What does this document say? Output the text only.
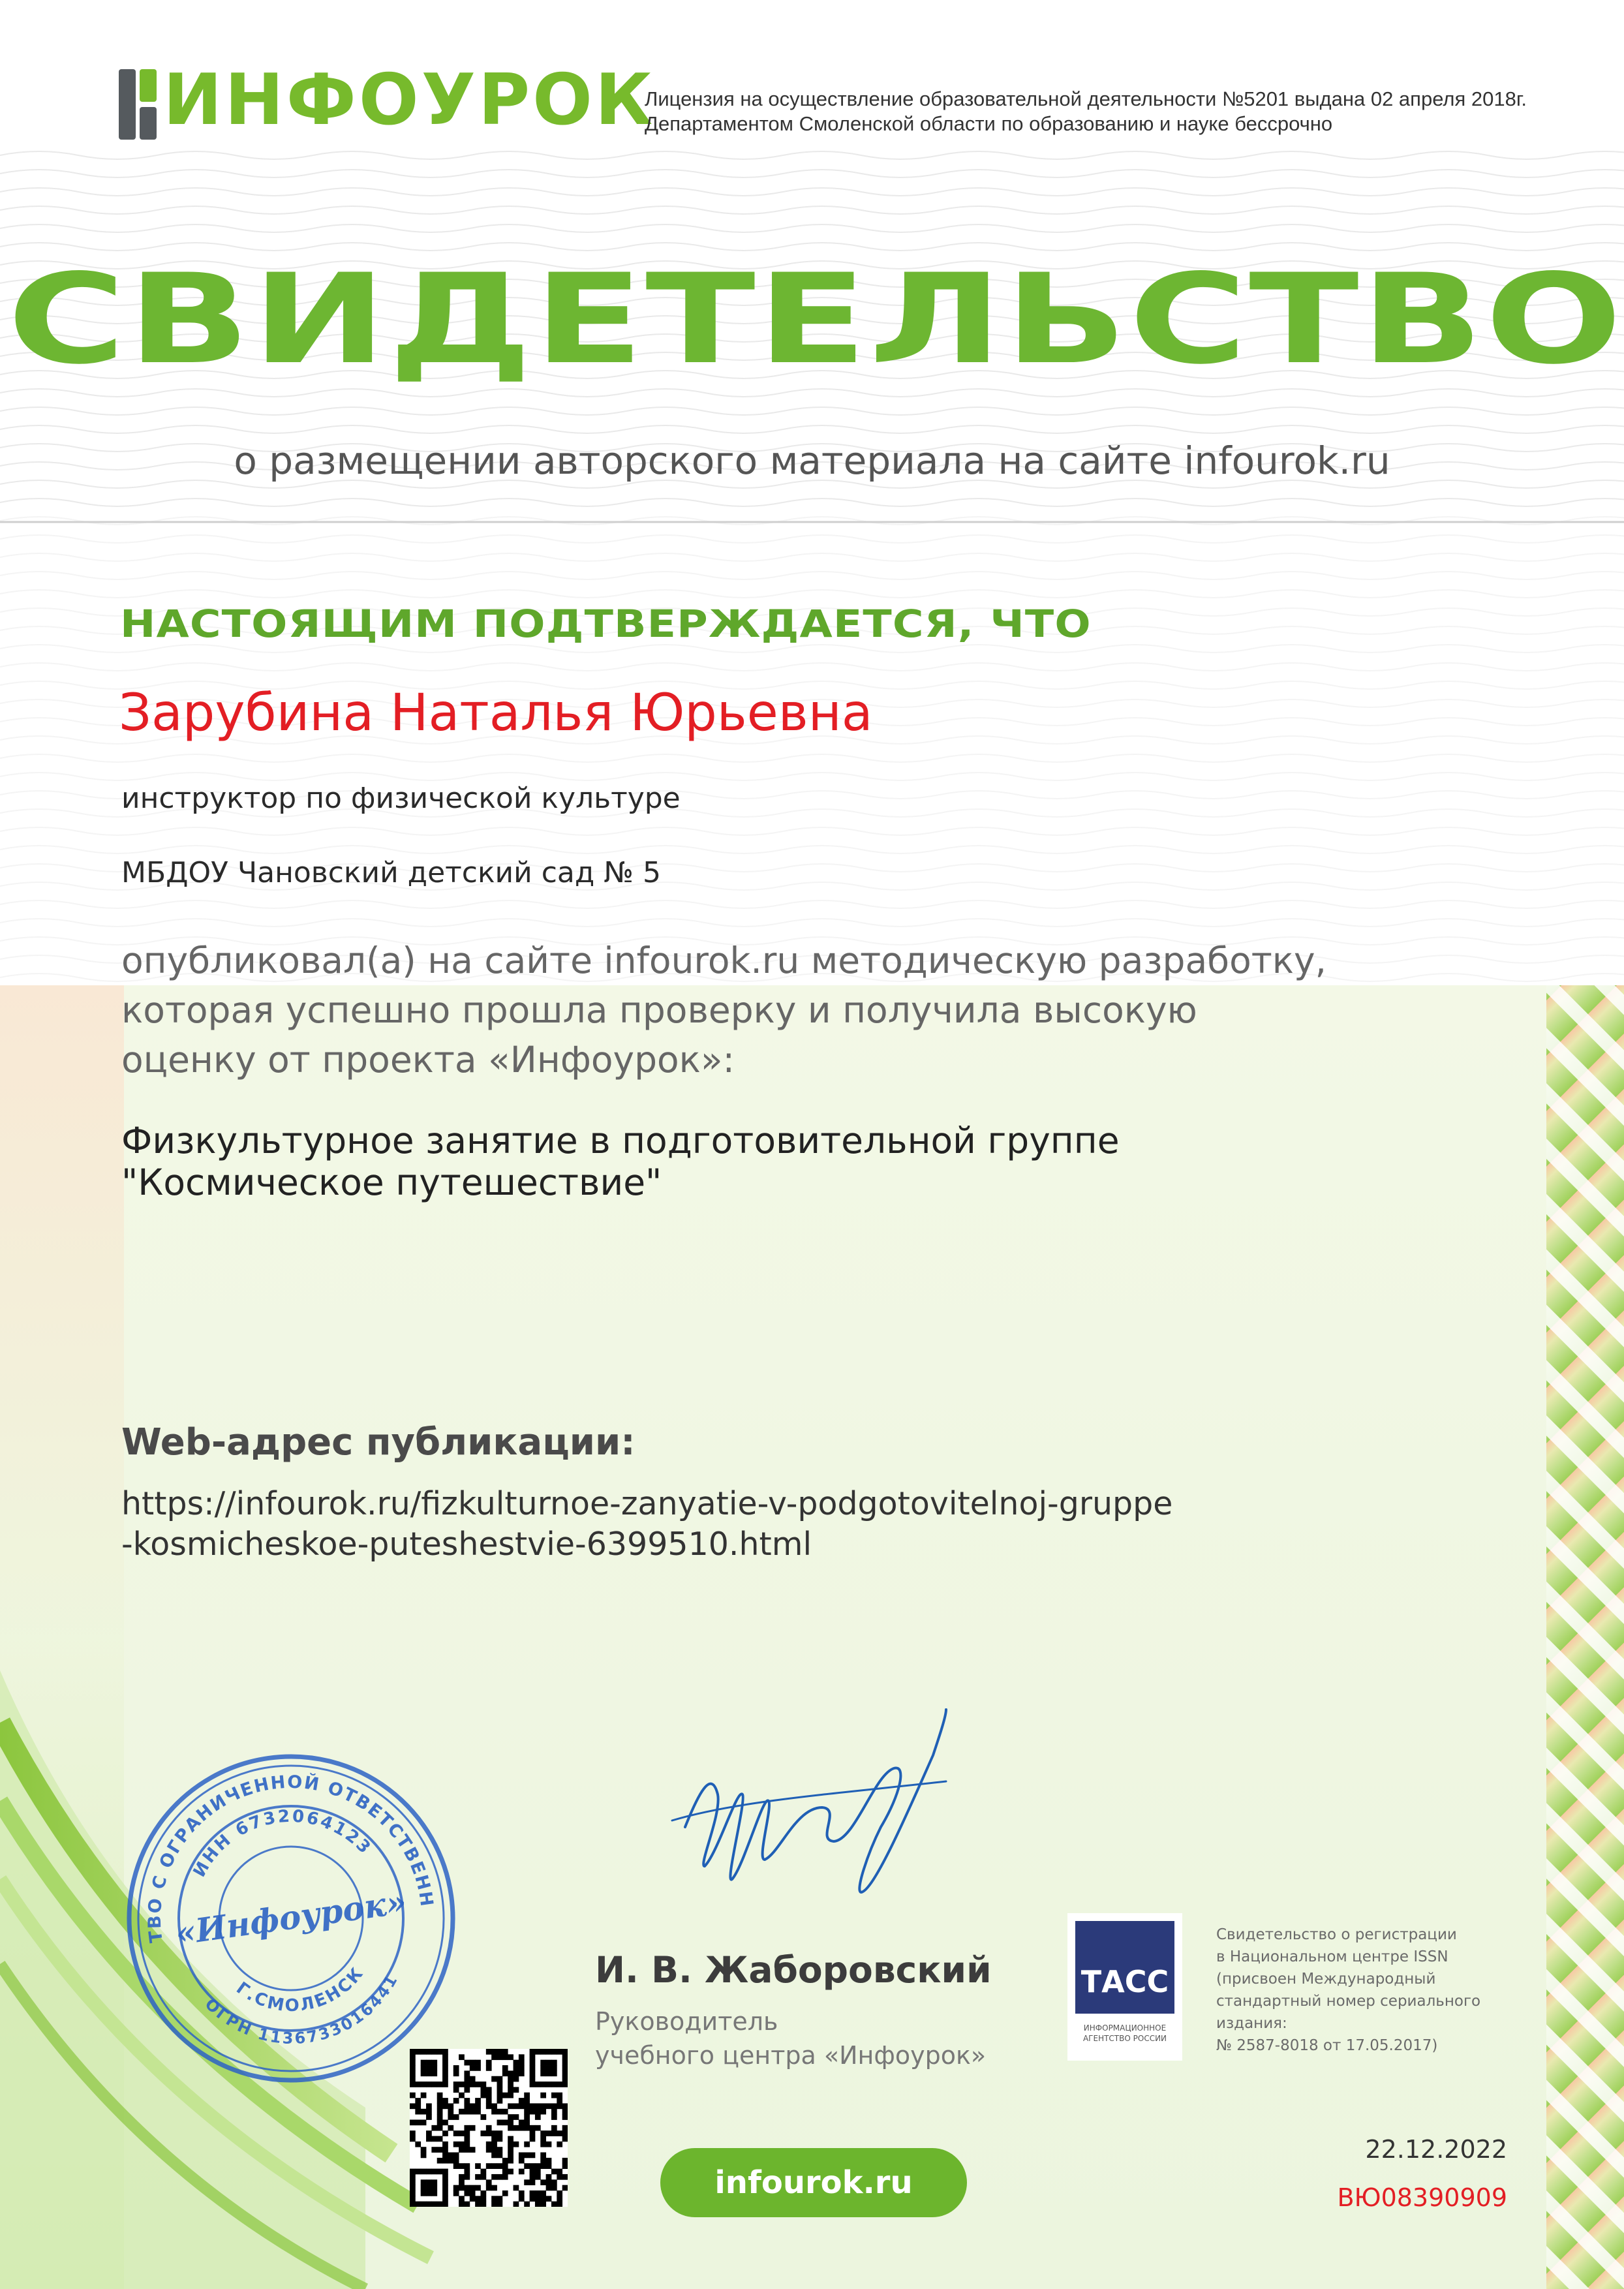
ИНФОУРОК
Лицензия на осуществление образовательной деятельности №5201 выдана 02 апреля 2018г.
Департаментом Смоленской области по образованию и науке бессрочно
СВИДЕТЕЛЬСТВО
о размещении авторского материала на сайте infourok.ru
НАСТОЯЩИМ ПОДТВЕРЖДАЕТСЯ, ЧТО
Зарубина Наталья Юрьевна
инструктор по физической культуре
МБДОУ Чановский детский сад № 5
опубликовал(а) на сайте infourok.ru методическую разработку,
которая успешно прошла проверку и получила высокую
оценку от проекта «Инфоурок»:
Физкультурное занятие в подготовительной группе
"Космическое путешествие"
Web-адрес публикации:
https://infourok.ru/fizkulturnoe-zanyatie-v-podgotovitelnoj-gruppe
-kosmicheskoe-puteshestvie-6399510.html
ОБЩЕСТВО С ОГРАНИЧЕННОЙ ОТВЕТСТВЕННОСТЬЮ
ИНН 6732064123
ОГРН 1136733016441
Г.СМОЛЕНСК
«Инфоурок»
И. В. Жаборовский
Руководитель
учебного центра «Инфоурок»
ТАСС
ИНФОРМАЦИОННОЕ
АГЕНТСТВО РОССИИ
Свидетельство о регистрации
в Национальном центре ISSN
(присвоен Международный
стандартный номер сериального
издания:
№ 2587-8018 от 17.05.2017)
infourok.ru
22.12.2022
ВЮ08390909
